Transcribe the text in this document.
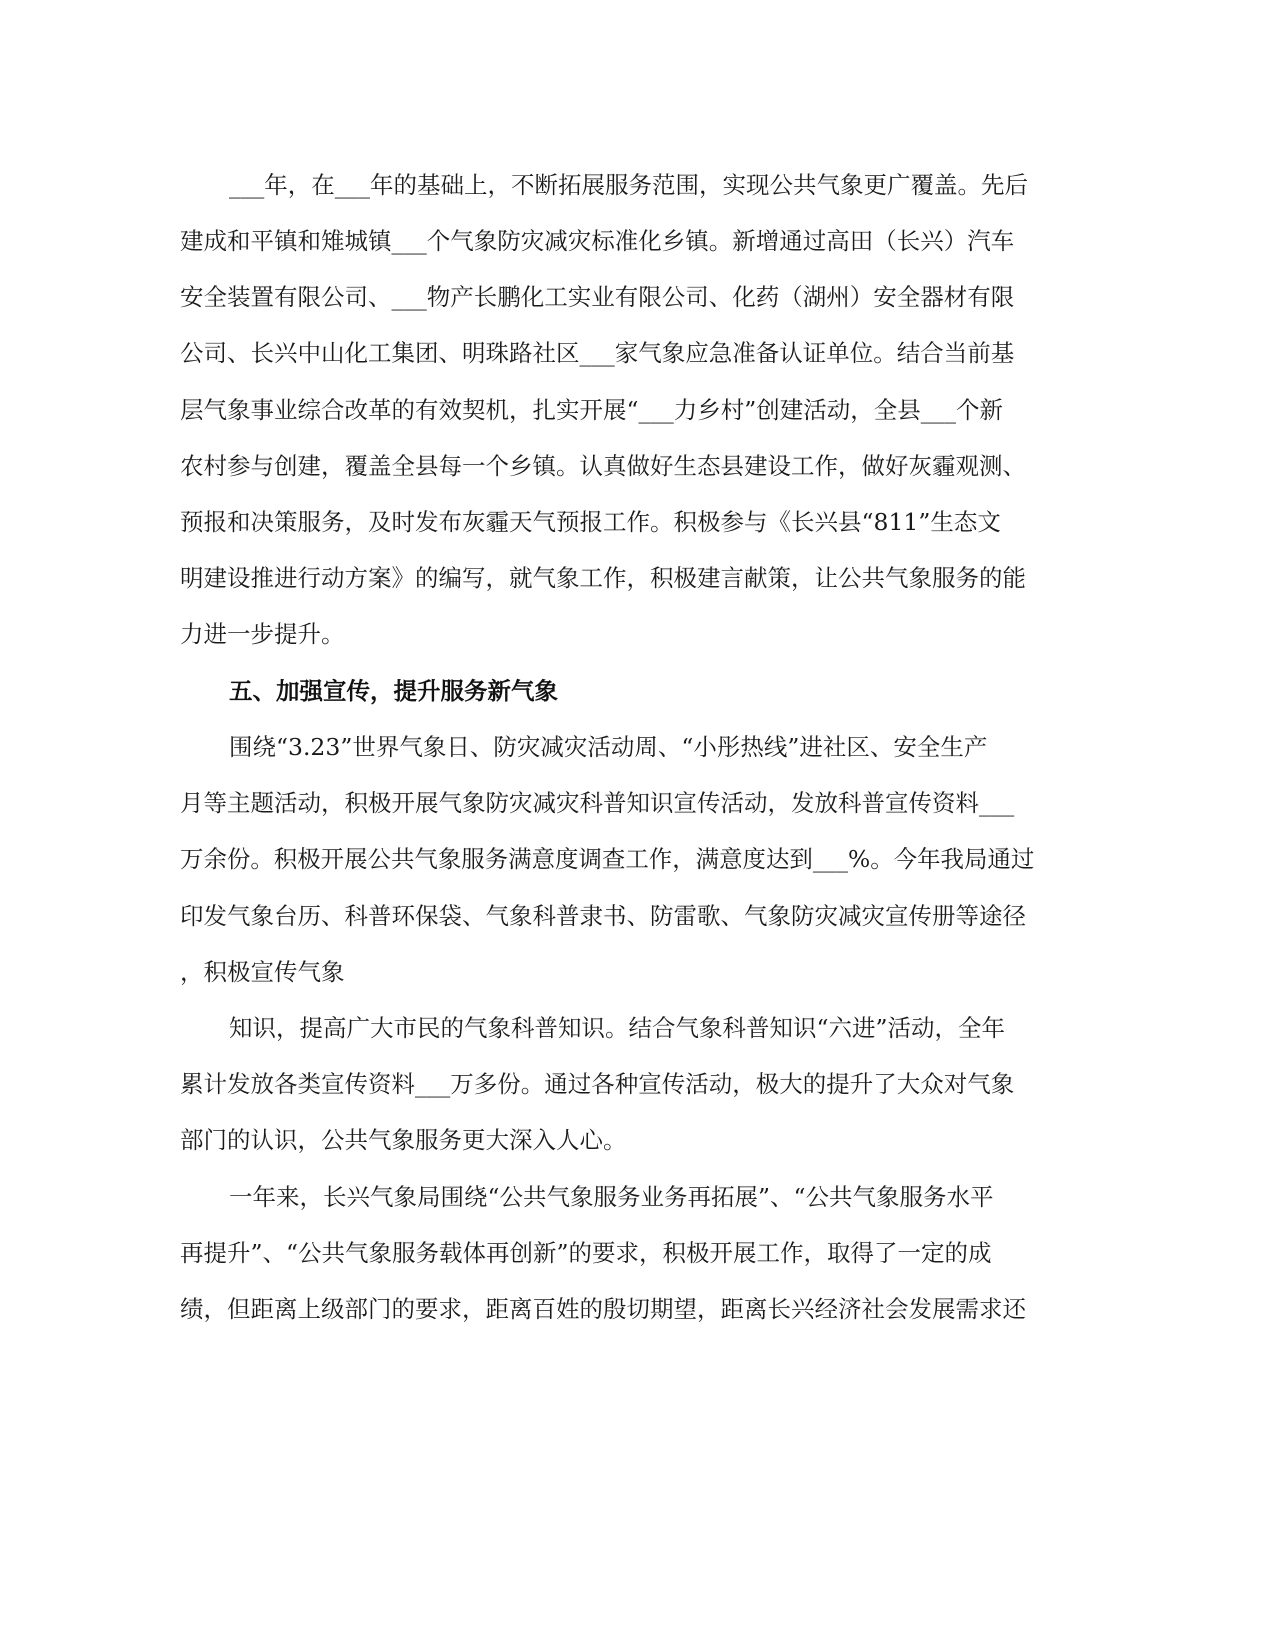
___年，在___年的基础上，不断拓展服务范围，实现公共气象更广覆盖。先后
建成和平镇和雉城镇___个气象防灾减灾标准化乡镇。新增通过高田（长兴）汽车
安全装置有限公司、___物产长鹏化工实业有限公司、化药（湖州）安全器材有限
公司、长兴中山化工集团、明珠路社区___家气象应急准备认证单位。结合当前基
层气象事业综合改革的有效契机，扎实开展“___力乡村”创建活动，全县___个新
农村参与创建，覆盖全县每一个乡镇。认真做好生态县建设工作，做好灰霾观测、
预报和决策服务，及时发布灰霾天气预报工作。积极参与《长兴县“811”生态文
明建设推进行动方案》的编写，就气象工作，积极建言献策，让公共气象服务的能
力进一步提升。
五、加强宣传，提升服务新气象
围绕“3.23”世界气象日、防灾减灾活动周、“小彤热线”进社区、安全生产
月等主题活动，积极开展气象防灾减灾科普知识宣传活动，发放科普宣传资料___
万余份。积极开展公共气象服务满意度调查工作，满意度达到___%。今年我局通过
印发气象台历、科普环保袋、气象科普隶书、防雷歌、气象防灾减灾宣传册等途径
，积极宣传气象
知识，提高广大市民的气象科普知识。结合气象科普知识“六进”活动，全年
累计发放各类宣传资料___万多份。通过各种宣传活动，极大的提升了大众对气象
部门的认识，公共气象服务更大深入人心。
一年来，长兴气象局围绕“公共气象服务业务再拓展”、“公共气象服务水平
再提升”、“公共气象服务载体再创新”的要求，积极开展工作，取得了一定的成
绩，但距离上级部门的要求，距离百姓的殷切期望，距离长兴经济社会发展需求还
